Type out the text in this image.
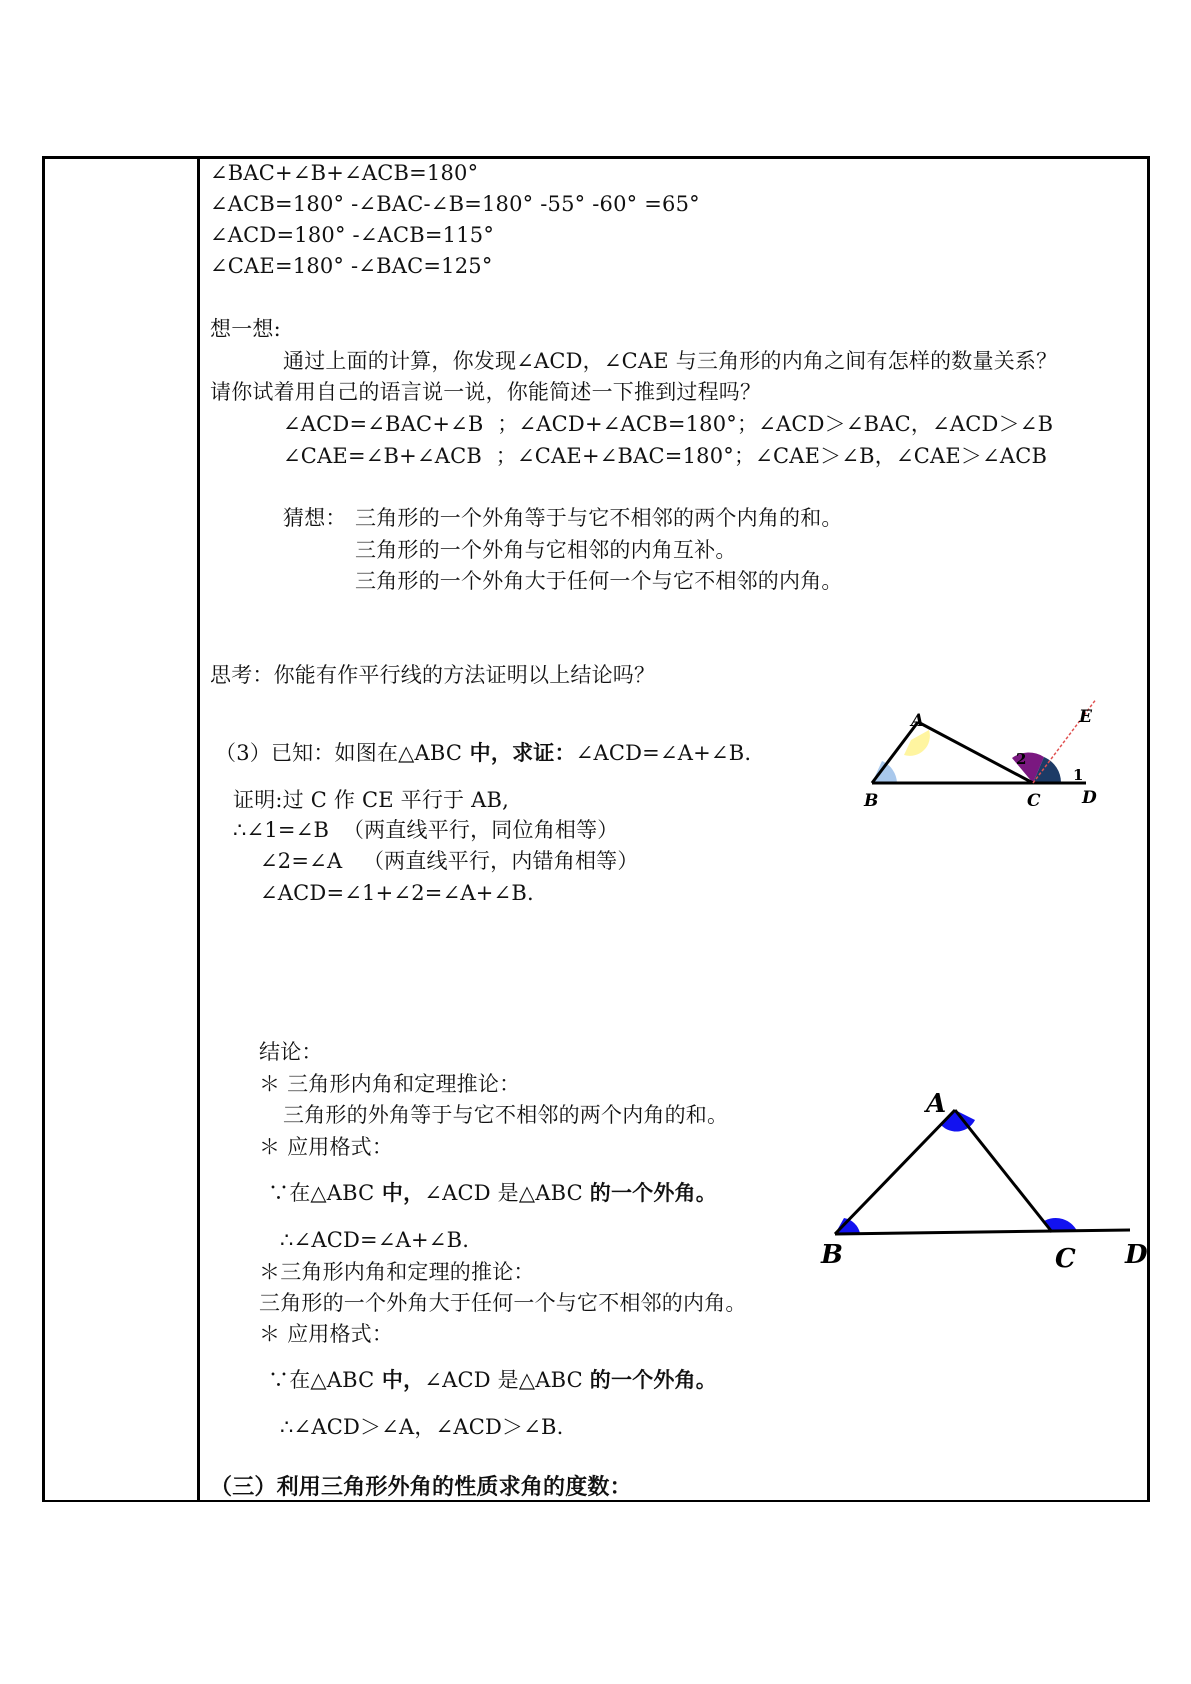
∠BAC+∠B+∠ACB=180°
∠ACB=180° -∠BAC-∠B=180° -55° -60° =65°
∠ACD=180° -∠ACB=115°
∠CAE=180° -∠BAC=125°
想一想:
通过上面的计算，你发现∠ACD，∠CAE 与三角形的内角之间有怎样的数量关系？
请你试着用自己的语言说一说，你能简述一下推到过程吗？
∠ACD=∠BAC+∠B  ；∠ACD+∠ACB=180°；∠ACD＞∠BAC，∠ACD＞∠B
∠CAE=∠B+∠ACB  ；∠CAE+∠BAC=180°；∠CAE＞∠B，∠CAE＞∠ACB
猜想： 三角形的一个外角等于与它不相邻的两个内角的和。
三角形的一个外角与它相邻的内角互补。
三角形的一个外角大于任何一个与它不相邻的内角。
思考：你能有作平行线的方法证明以上结论吗？
（3）已知：如图在△ABC 中，求证：∠ACD=∠A+∠B.
证明:过 C 作 CE 平行于 AB,
∴∠1=∠B  （两直线平行，同位角相等）
∠2=∠A   （两直线平行，内错角相等）
∠ACD=∠1+∠2=∠A+∠B.
A
B	C D
E
1
2
结论：
＊ 三角形内角和定理推论：
三角形的外角等于与它不相邻的两个内角的和。
＊ 应用格式：
∵在△ABC 中，∠ACD 是△ABC 的一个外角。
∴∠ACD=∠A+∠B.
＊三角形内角和定理的推论：
三角形的一个外角大于任何一个与它不相邻的内角。
＊ 应用格式：
∵在△ABC 中，∠ACD 是△ABC 的一个外角。
∴∠ACD＞∠A，∠ACD＞∠B.
A
B	C D
（三）利用三角形外角的性质求角的度数：
